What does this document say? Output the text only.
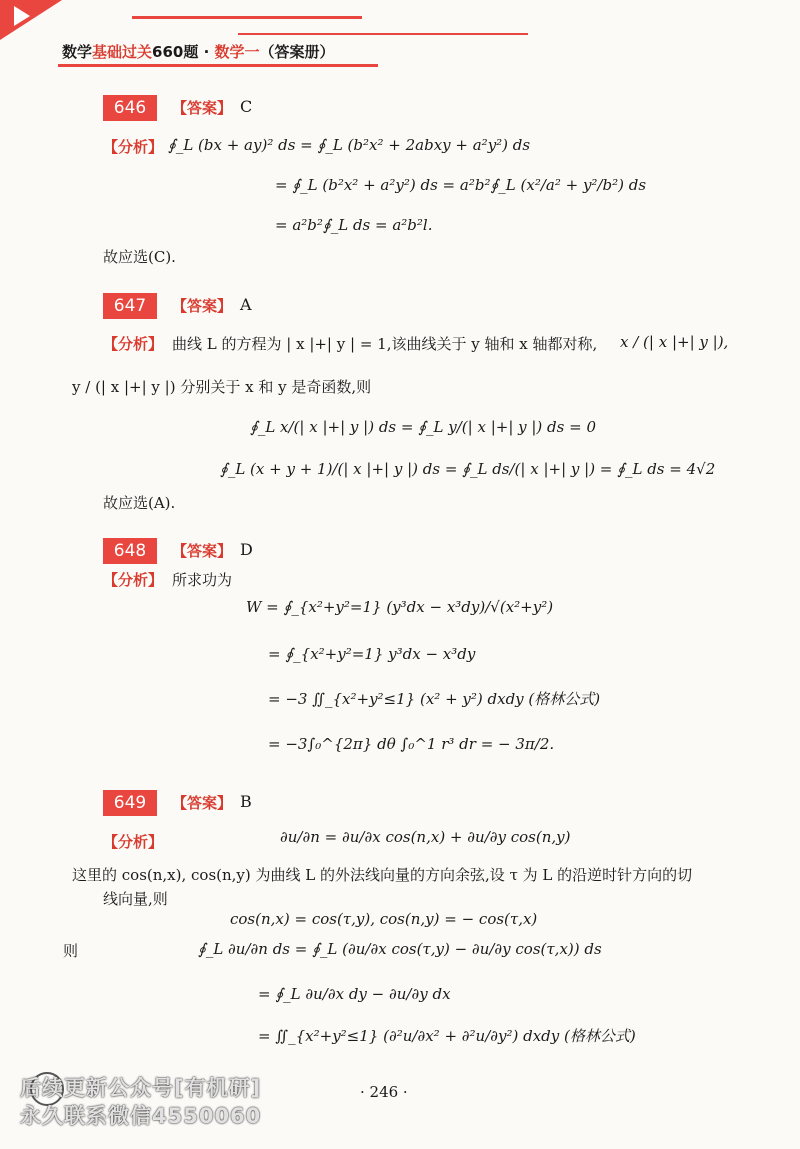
数学基础过关660题 · 数学一（答案册）
646	【答案】 C
【分析】 ∮_L (bx + ay)² ds = ∮_L (b²x² + 2abxy + a²y²) ds
= ∮_L (b²x² + a²y²) ds = a²b²∮_L (x²/a² + y²/b²) ds
= a²b²∮_L ds = a²b²l.
故应选(C).
647	【答案】 A
【分析】 曲线 L 的方程为 | x |+| y | = 1,该曲线关于 y 轴和 x 轴都对称, x / (| x |+| y |),
y / (| x |+| y |) 分别关于 x 和 y 是奇函数,则
∮_L x/(| x |+| y |) ds = ∮_L y/(| x |+| y |) ds = 0
∮_L (x + y + 1)/(| x |+| y |) ds = ∮_L ds/(| x |+| y |) = ∮_L ds = 4√2
故应选(A).
648	【答案】 D
【分析】 所求功为
W = ∮_{x²+y²=1} (y³dx − x³dy)/√(x²+y²)
= ∮_{x²+y²=1} y³dx − x³dy
= −3 ∬_{x²+y²≤1} (x² + y²) dxdy (格林公式)
= −3∫₀^{2π} dθ ∫₀^1 r³ dr = − 3π/2.
649	【答案】 B
【分析】	∂u/∂n = ∂u/∂x cos(n,x) + ∂u/∂y cos(n,y)
这里的 cos(n,x), cos(n,y) 为曲线 L 的外法线向量的方向余弦,设 τ 为 L 的沿逆时针方向的切
线向量,则
cos(n,x) = cos(τ,y), cos(n,y) = − cos(τ,x)
则	∮_L ∂u/∂n ds = ∮_L (∂u/∂x cos(τ,y) − ∂u/∂y cos(τ,x)) ds
= ∮_L ∂u/∂x dy − ∂u/∂y dx
= ∬_{x²+y²≤1} (∂²u/∂x² + ∂²u/∂y²) dxdy (格林公式)
后续更新公众号[有机研]
永久联系微信4550060
· 246 ·
